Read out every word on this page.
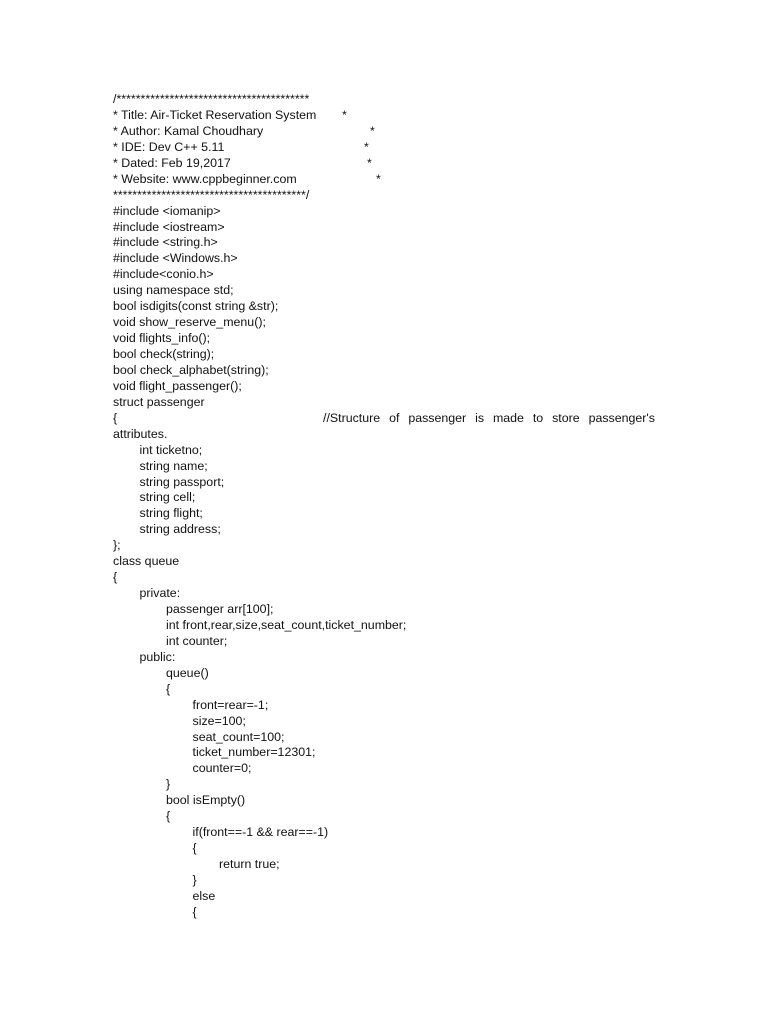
/****************************************
* Title: Air-Ticket Reservation System *
* Author: Kamal Choudhary	*
* IDE: Dev C++ 5.11	*
* Dated: Feb 19,2017	*
* Website: www.cppbeginner.com	*
****************************************/
#include <iomanip>
#include <iostream>
#include <string.h>
#include <Windows.h>
#include<conio.h>
using namespace std;
bool isdigits(const string &str);
void show_reserve_menu();
void flights_info();
bool check(string);
bool check_alphabet(string);
void flight_passenger();
struct passenger
{	//Structure of passenger is made to store passenger's
attributes.
int ticketno;
string name;
string passport;
string cell;
string flight;
string address;
};
class queue
{
private:
passenger arr[100];
int front,rear,size,seat_count,ticket_number;
int counter;
public:
queue()
{
front=rear=-1;
size=100;
seat_count=100;
ticket_number=12301;
counter=0;
}
bool isEmpty()
{
if(front==-1 && rear==-1)
{
return true;
}
else
{
